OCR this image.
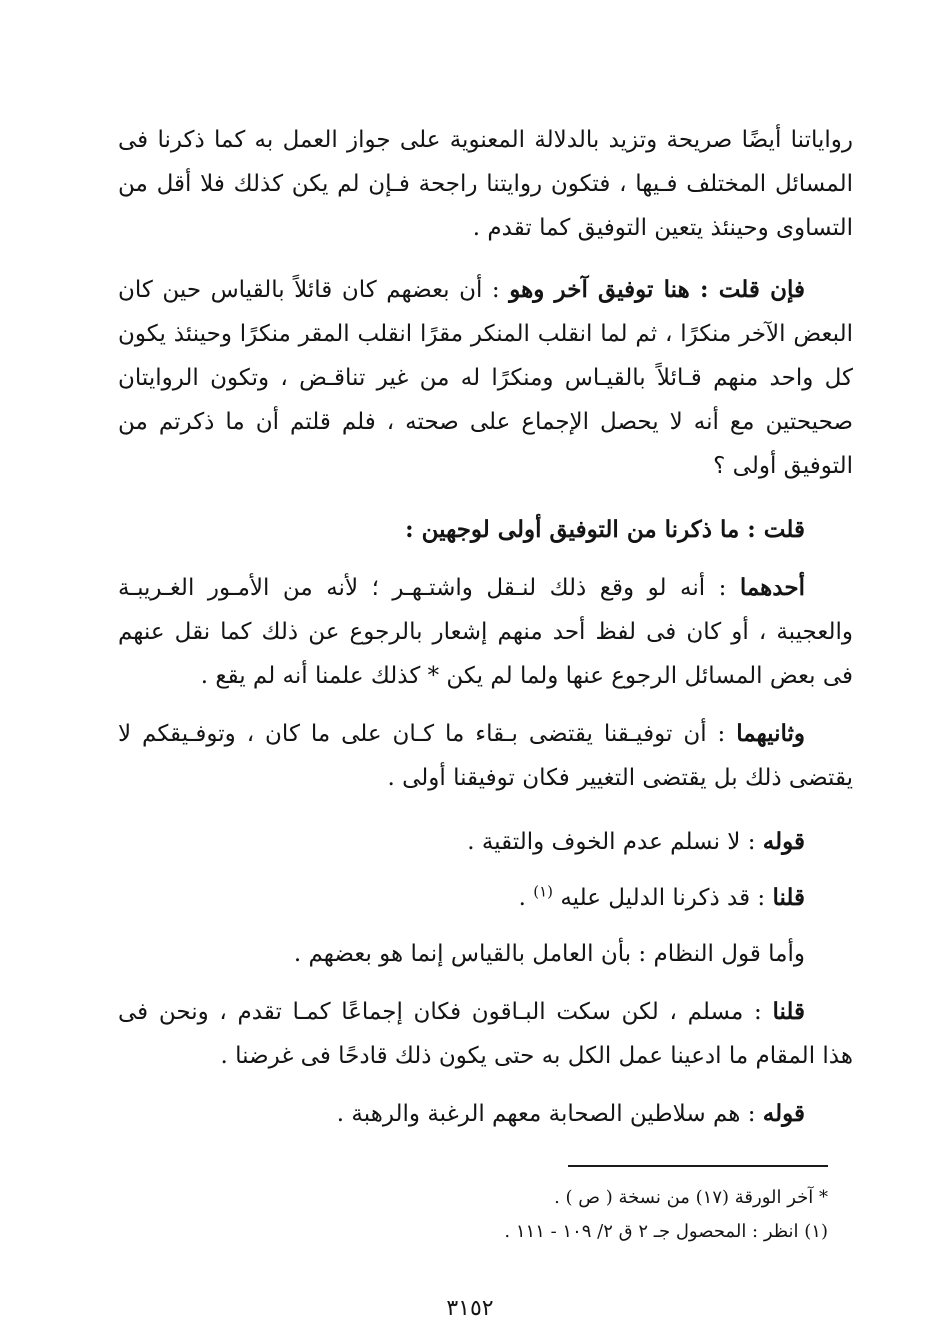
رواياتنا أيضًا صريحة وتزيد بالدلالة المعنوية على جواز العمل به كما ذكرنا فى
المسائل المختلف فـيها ، فتكون روايتنا راجحة فـإن لم يكن كذلك فلا أقل من
التساوى وحينئذ يتعين التوفيق كما تقدم .
فإن قلت : هنا توفيق آخر وهو : أن بعضهم كان قائلاً بالقياس حين كان
البعض الآخر منكرًا ، ثم لما انقلب المنكر مقرًا انقلب المقر منكرًا وحينئذ يكون
كل واحد منهم قـائلاً بالقيـاس ومنكرًا له من غير تناقـض ، وتكون الروايتان
صحيحتين مع أنه لا يحصل الإجماع على صحته ، فلم قلتم أن ما ذكرتم من
التوفيق أولى ؟
قلت : ما ذكرنا من التوفيق أولى لوجهين :
أحدهما : أنه لو وقع ذلك لنـقل واشتـهـر ؛ لأنه من الأمـور الغـريبـة
والعجيبة ، أو كان فى لفظ أحد منهم إشعار بالرجوع عن ذلك كما نقل عنهم
فى بعض المسائل الرجوع عنها ولما لم يكن * كذلك علمنا أنه لم يقع .
وثانيهما : أن توفيـقنا يقتضى بـقاء ما كـان على ما كان ، وتوفـيقكم لا
يقتضى ذلك بل يقتضى التغيير فكان توفيقنا أولى .
قوله : لا نسلم عدم الخوف والتقية .
قلنا : قد ذكرنا الدليل عليه $^{(١)}$ .
وأما قول النظام : بأن العامل بالقياس إنما هو بعضهم .
قلنا : مسلم ، لكن سكت البـاقون فكان إجماعًا كمـا تقدم ، ونحن فى
هذا المقام ما ادعينا عمل الكل به حتى يكون ذلك قادحًا فى غرضنا .
قوله : هم سلاطين الصحابة معهم الرغبة والرهبة .
* آخر الورقة (١٧) من نسخة ( ص ) .
(١) انظر : المحصول جـ ٢ ق ٢/ ١٠٩ - ١١١ .
٣١٥٢
